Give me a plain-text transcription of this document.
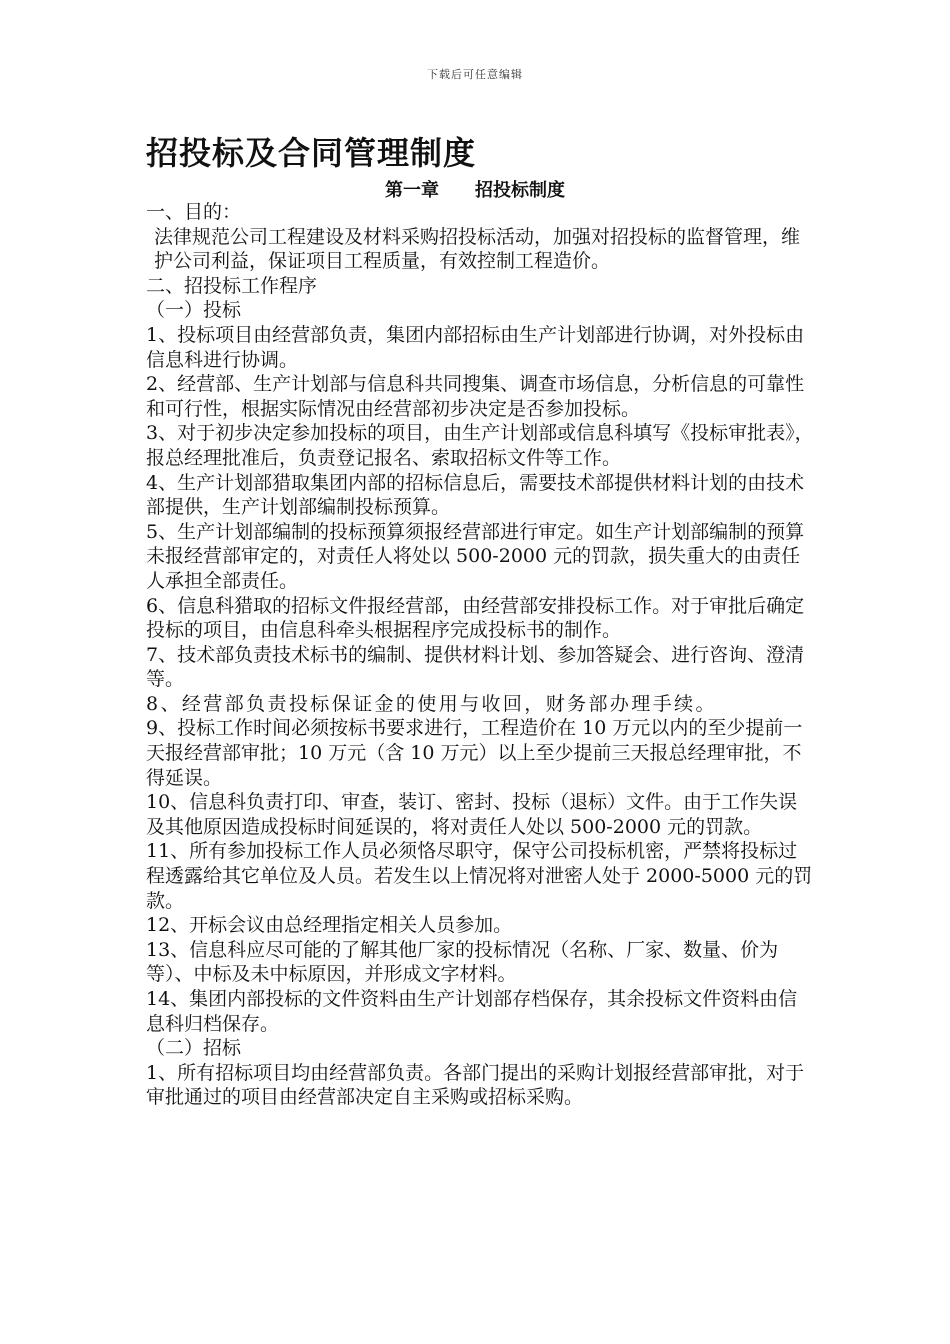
下载后可任意编辑
招投标及合同管理制度
第一章 招投标制度

一、目的：

法律规范公司工程建设及材料采购招投标活动，加强对招投标的监督管理，维护公司利益，保证项目工程质量，有效控制工程造价。

二、招投标工作程序

（一）投标

1、投标项目由经营部负责，集团内部招标由生产计划部进行协调，对外投标由信息科进行协调。

2、经营部、生产计划部与信息科共同搜集、调查市场信息，分析信息的可靠性和可行性，根据实际情况由经营部初步决定是否参加投标。

3、对于初步决定参加投标的项目，由生产计划部或信息科填写《投标审批表》，报总经理批准后，负责登记报名、索取招标文件等工作。

4、生产计划部猎取集团内部的招标信息后，需要技术部提供材料计划的由技术部提供，生产计划部编制投标预算。

5、生产计划部编制的投标预算须报经营部进行审定。如生产计划部编制的预算未报经营部审定的，对责任人将处以 500-2000 元的罚款，损失重大的由责任人承担全部责任。

6、信息科猎取的招标文件报经营部，由经营部安排投标工作。对于审批后确定投标的项目，由信息科牵头根据程序完成投标书的制作。

7、技术部负责技术标书的编制、提供材料计划、参加答疑会、进行咨询、澄清等。

8、经营部负责投标保证金的使用与收回，财务部办理手续。

9、投标工作时间必须按标书要求进行，工程造价在 10 万元以内的至少提前一天报经营部审批；10 万元（含 10 万元）以上至少提前三天报总经理审批，不得延误。

10、信息科负责打印、审查，装订、密封、投标（退标）文件。由于工作失误及其他原因造成投标时间延误的，将对责任人处以 500-2000 元的罚款。

11、所有参加投标工作人员必须恪尽职守，保守公司投标机密，严禁将投标过程透露给其它单位及人员。若发生以上情况将对泄密人处于 2000-5000 元的罚款。

12、开标会议由总经理指定相关人员参加。

13、信息科应尽可能的了解其他厂家的投标情况（名称、厂家、数量、价为等）、中标及未中标原因，并形成文字材料。

14、集团内部投标的文件资料由生产计划部存档保存，其余投标文件资料由信息科归档保存。

（二）招标

1、所有招标项目均由经营部负责。各部门提出的采购计划报经营部审批，对于审批通过的项目由经营部决定自主采购或招标采购。
